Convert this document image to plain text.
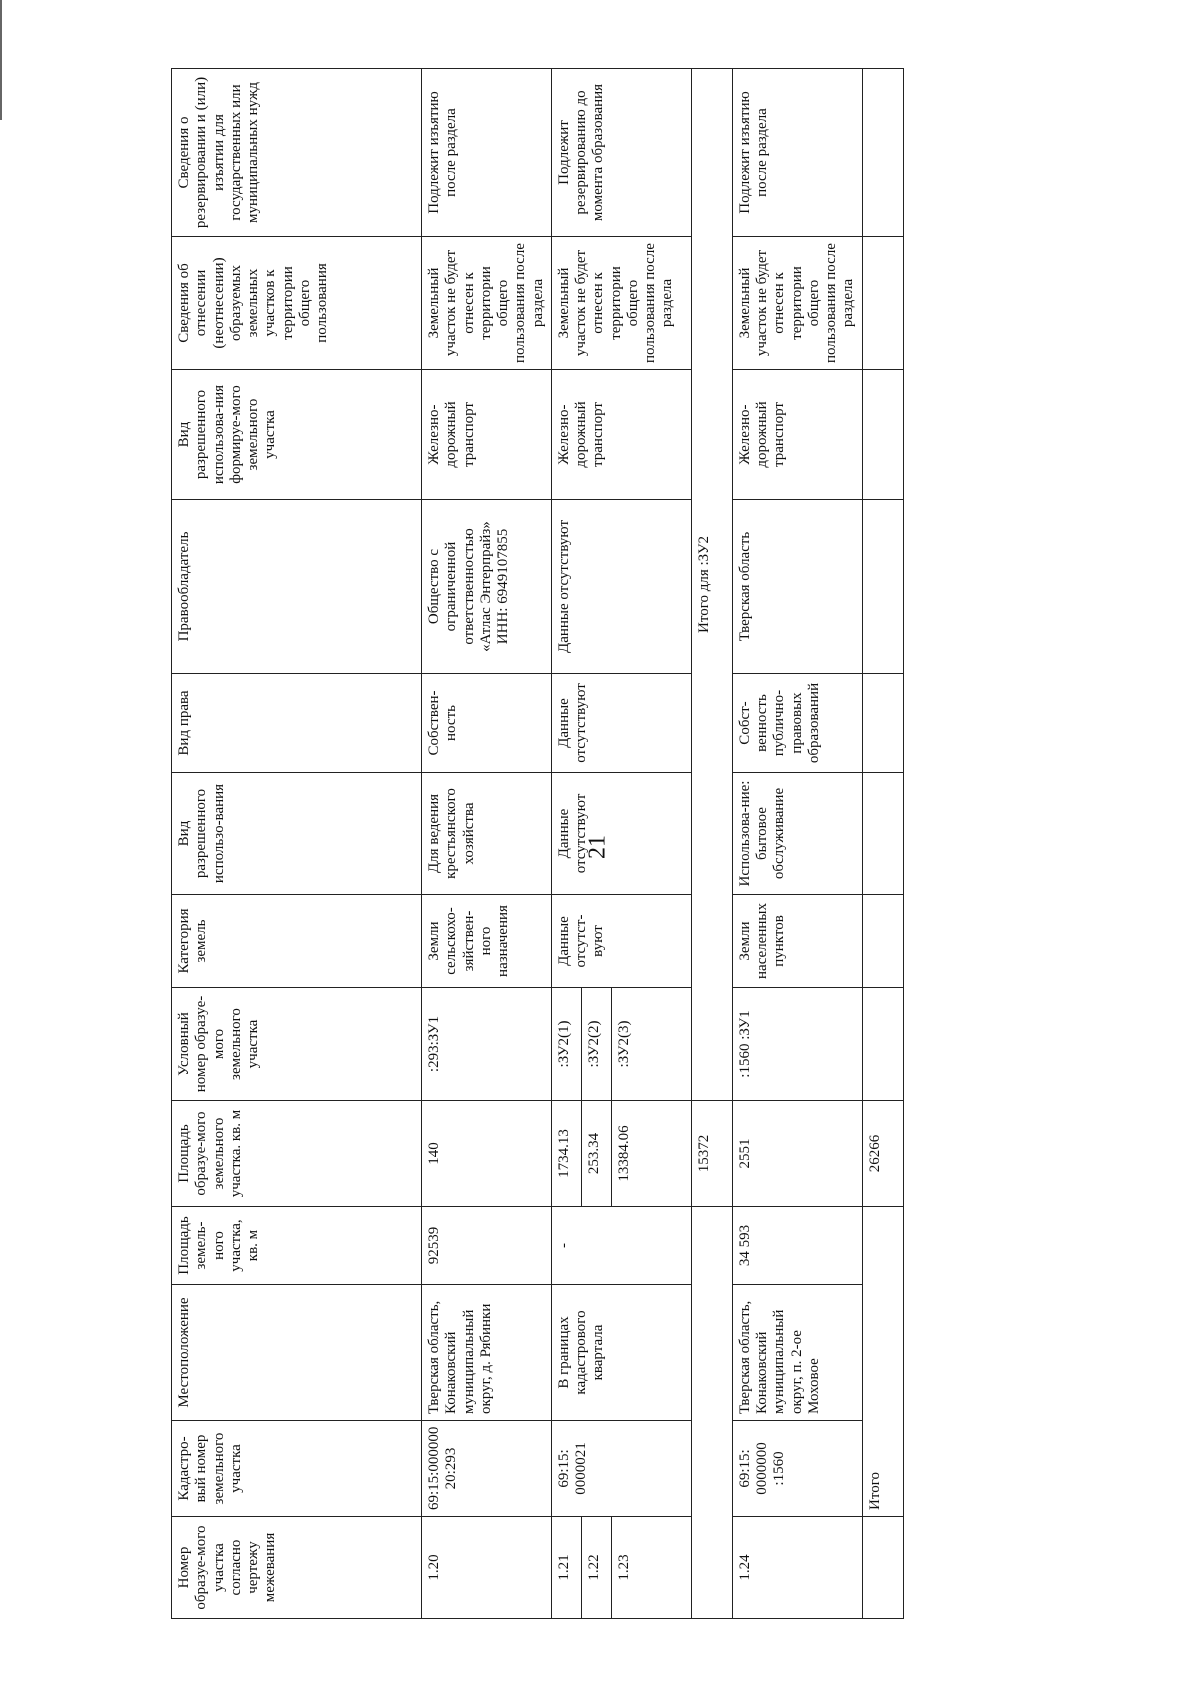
21
Номер образуе-мого участка согласно чертежу межевания	Кадастро-вый номер земельного участка	Местоположение	Площадь земель-ного участка, кв. м	Площадь образуе-мого земельного участка. кв. м	Условный номер образуе-мого земельного участка	Категория земель	Вид разрешенного использо-вания	Вид права	Правообладатель	Вид разрешенного использова-ния формируе-мого земельного участка	Сведения об отнесении (неотнесении) образуемых земельных участков к территории общего пользования	Сведения о резервировании и (или) изъятии для государственных или муниципальных нужд
1.20	69:15:000000 20:293	Тверская область, Конаковский муниципальный округ, д. Рябинки	92539	140	:293:ЗУ1	Земли сельскохо-зяйствен-ного назначения	Для ведения крестьянского хозяйства	Собствен-ность	Общество с ограниченной ответственностью «Атлас Энтерпрайз» ИНН: 6949107855	Железно-дорожный транспорт	Земельный участок не будет отнесен к территории общего пользования после раздела	Подлежит изъятию после раздела
1.21	69:15: 0000021	В границах кадастрового квартала	-	1734.13	:ЗУ2(1)	Данные отсутст-вуют	Данные отсутствуют	Данные отсутствуют	Данные отсутствуют	Железно-дорожный транспорт	Земельный участок не будет отнесен к территории общего пользования после раздела	Подлежит резервированию до момента образования
1.22				253.34	:ЗУ2(2)							
1.23				13384.06	:ЗУ2(3)							
				15372	Итого для :ЗУ2							
1.24	69:15: 0000000 :1560	Тверская область, Конаковский муниципальный округ, п. 2-ое Моховое	34 593	2551	:1560 :ЗУ1	Земли населенных пунктов	Использова-ние: бытовое обслуживание	Собст-венность публично-правовых образований	Тверская область	Железно-дорожный транспорт	Земельный участок не будет отнесен к территории общего пользования после раздела	Подлежит изъятию после раздела
	Итого			26266								
